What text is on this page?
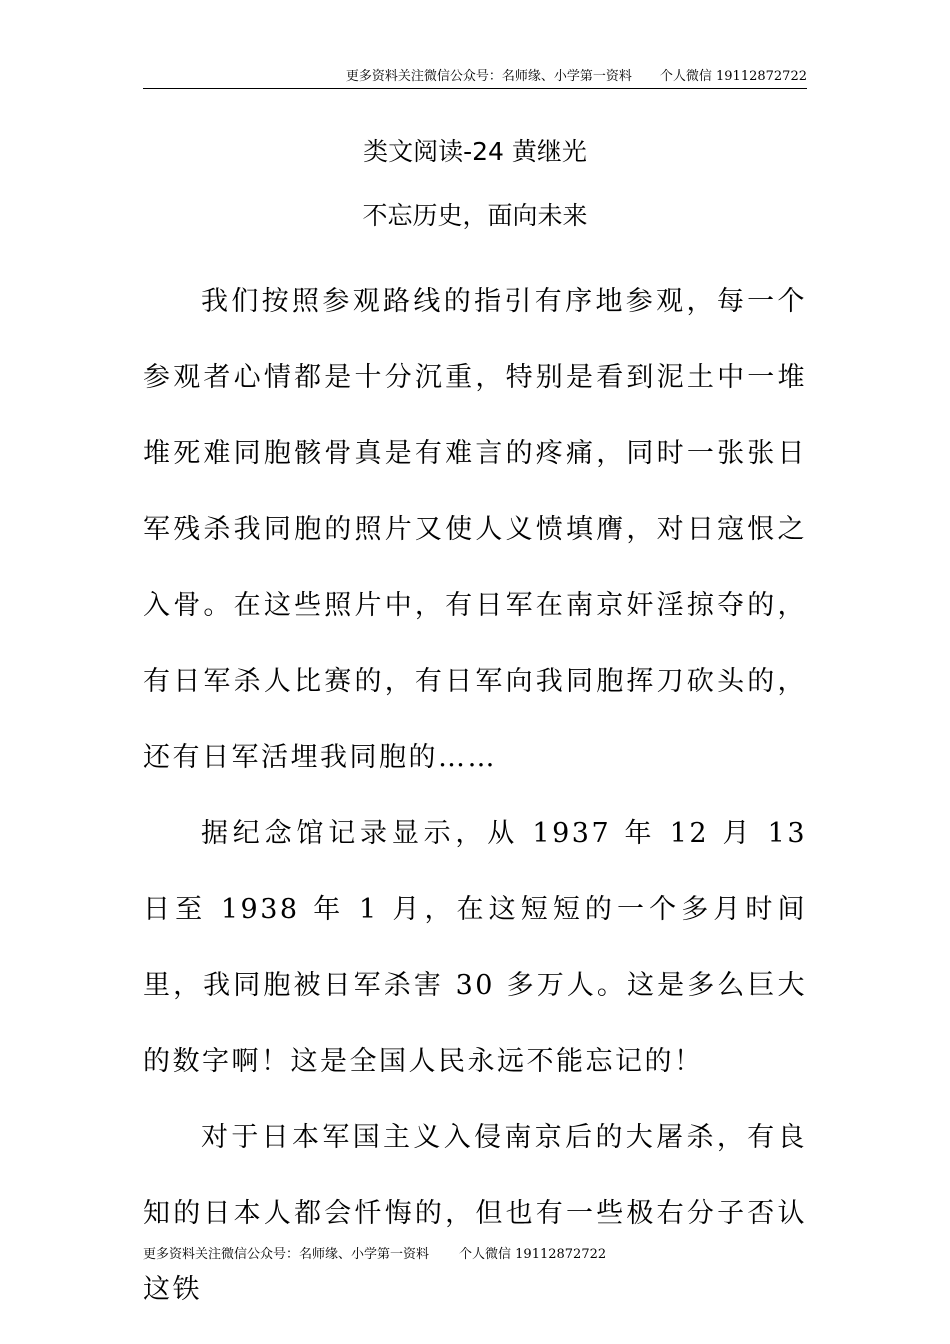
更多资料关注微信公众号：名师缘、小学第一资料 个人微信 19112872722
类文阅读-24 黄继光
不忘历史，面向未来

我们按照参观路线的指引有序地参观，每一个参观者心情都是十分沉重，特别是看到泥土中一堆堆死难同胞骸骨真是有难言的疼痛，同时一张张日军残杀我同胞的照片又使人义愤填膺，对日寇恨之入骨。在这些照片中，有日军在南京奸淫掠夺的，有日军杀人比赛的，有日军向我同胞挥刀砍头的，还有日军活埋我同胞的……

据纪念馆记录显示，从 1937 年 12 月 13 日至 1938 年 1 月，在这短短的一个多月时间里，我同胞被日军杀害 30 多万人。这是多么巨大的数字啊！这是全国人民永远不能忘记的！

对于日本军国主义入侵南京后的大屠杀，有良知的日本人都会忏悔的，但也有一些极右分子否认这铁

更多资料关注微信公众号：名师缘、小学第一资料 个人微信 19112872722
